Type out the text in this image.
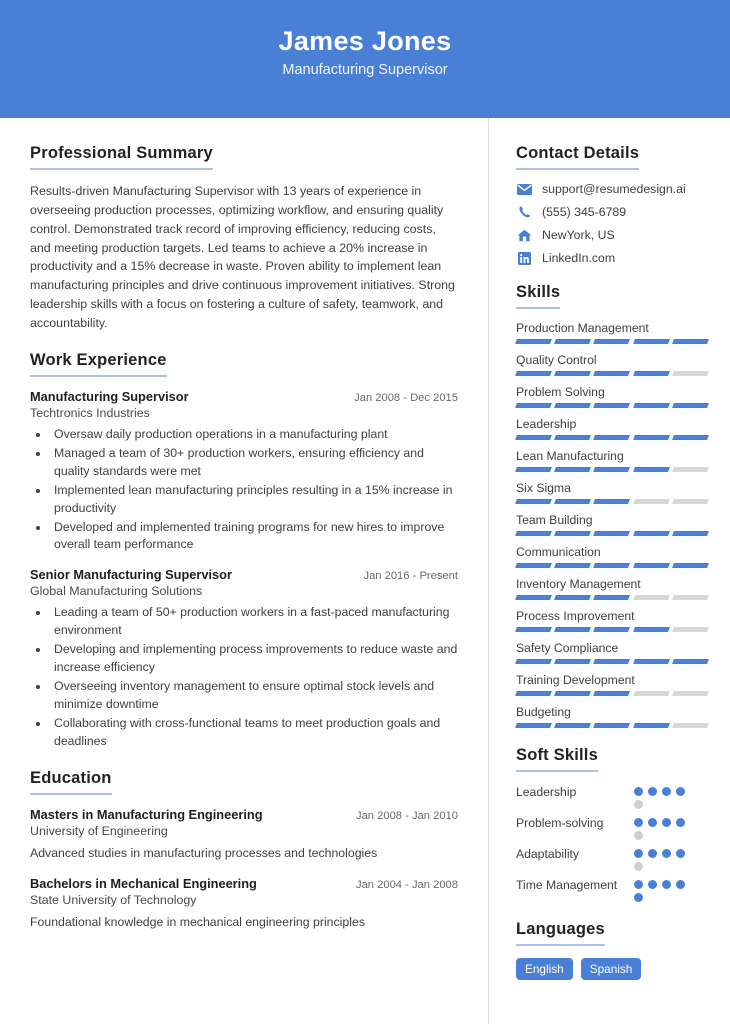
James Jones
Manufacturing Supervisor
Professional Summary
Results-driven Manufacturing Supervisor with 13 years of experience in overseeing production processes, optimizing workflow, and ensuring quality control. Demonstrated track record of improving efficiency, reducing costs, and meeting production targets. Led teams to achieve a 20% increase in productivity and a 15% decrease in waste. Proven ability to implement lean manufacturing principles and drive continuous improvement initiatives. Strong leadership skills with a focus on fostering a culture of safety, teamwork, and accountability.
Work Experience
Manufacturing Supervisor	Jan 2008 - Dec 2015
Techtronics Industries
• Oversaw daily production operations in a manufacturing plant
• Managed a team of 30+ production workers, ensuring efficiency and quality standards were met
• Implemented lean manufacturing principles resulting in a 15% increase in productivity
• Developed and implemented training programs for new hires to improve overall team performance
Senior Manufacturing Supervisor	Jan 2016 - Present
Global Manufacturing Solutions
• Leading a team of 50+ production workers in a fast-paced manufacturing environment
• Developing and implementing process improvements to reduce waste and increase efficiency
• Overseeing inventory management to ensure optimal stock levels and minimize downtime
• Collaborating with cross-functional teams to meet production goals and deadlines
Education
Masters in Manufacturing Engineering	Jan 2008 - Jan 2010
University of Engineering
Advanced studies in manufacturing processes and technologies
Bachelors in Mechanical Engineering	Jan 2004 - Jan 2008
State University of Technology
Foundational knowledge in mechanical engineering principles
Contact Details
support@resumedesign.ai
(555) 345-6789
NewYork, US
LinkedIn.com
Skills
Production Management
Quality Control
Problem Solving
Leadership
Lean Manufacturing
Six Sigma
Team Building
Communication
Inventory Management
Process Improvement
Safety Compliance
Training Development
Budgeting
Soft Skills
Leadership
Problem-solving
Adaptability
Time Management
Languages
English	Spanish
